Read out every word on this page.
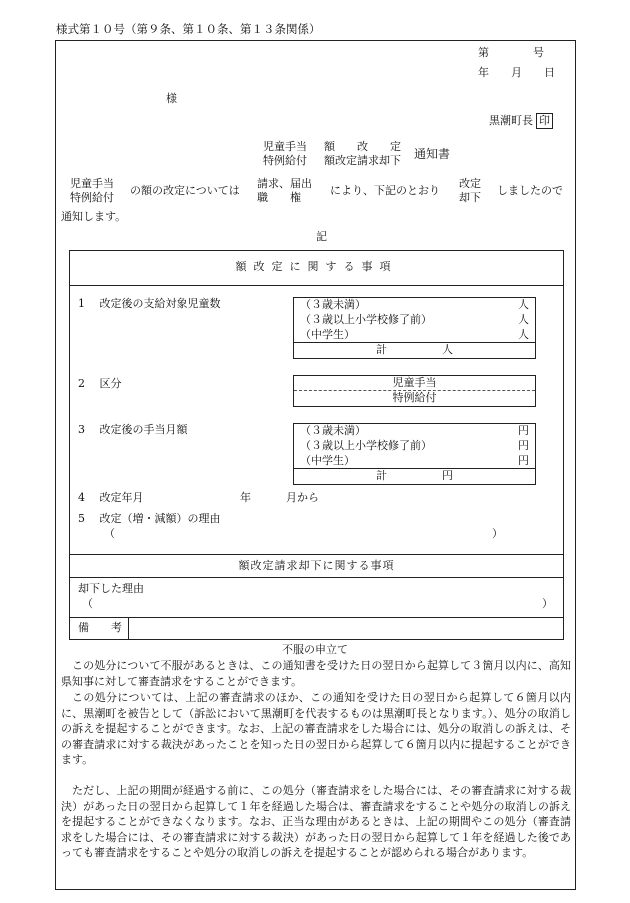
様式第１０号（第９条、第１０条、第１３条関係）
第　　　　号
年　　月　　日
様
黒潮町長 印
児童手当
特例給付
額　　改　　定
額改定請求却下 通知書
児童手当
特例給付
の額の改定については
請求、届出
職　　権
により、下記のとおり
改定
却下
しましたので
通知します。
記
額改定に関する事項
1　 改定後の支給対象児童数	（３歳未満）	人
（３歳以上小学校修了前）	人
（中学生）	人
計　　　　　人
2　 区分	児童手当
特例給付
3　 改定後の手当月額	（３歳未満）	円
（３歳以上小学校修了前）	円
（中学生）	円
計　　　　　円
4　 改定年月	年	月から
5　 改定（増・減額）の理由
（	）
額改定請求却下に関する事項
却下した理由
（	）
備　　考
不服の申立て

この処分について不服があるときは、この通知書を受けた日の翌日から起算して３箇月以内に、高知県知事に対して審査請求をすることができます。

この処分については、上記の審査請求のほか、この通知を受けた日の翌日から起算して６箇月以内に、黒潮町を被告として（訴訟において黒潮町を代表するものは黒潮町長となります。）、処分の取消しの訴えを提起することができます。なお、上記の審査請求をした場合には、処分の取消しの訴えは、その審査請求に対する裁決があったことを知った日の翌日から起算して６箇月以内に提起することができます。

ただし、上記の期間が経過する前に、この処分（審査請求をした場合には、その審査請求に対する裁決）があった日の翌日から起算して１年を経過した場合は、審査請求をすることや処分の取消しの訴えを提起することができなくなります。なお、正当な理由があるときは、上記の期間やこの処分（審査請求をした場合には、その審査請求に対する裁決）があった日の翌日から起算して１年を経過した後であっても審査請求をすることや処分の取消しの訴えを提起することが認められる場合があります。
